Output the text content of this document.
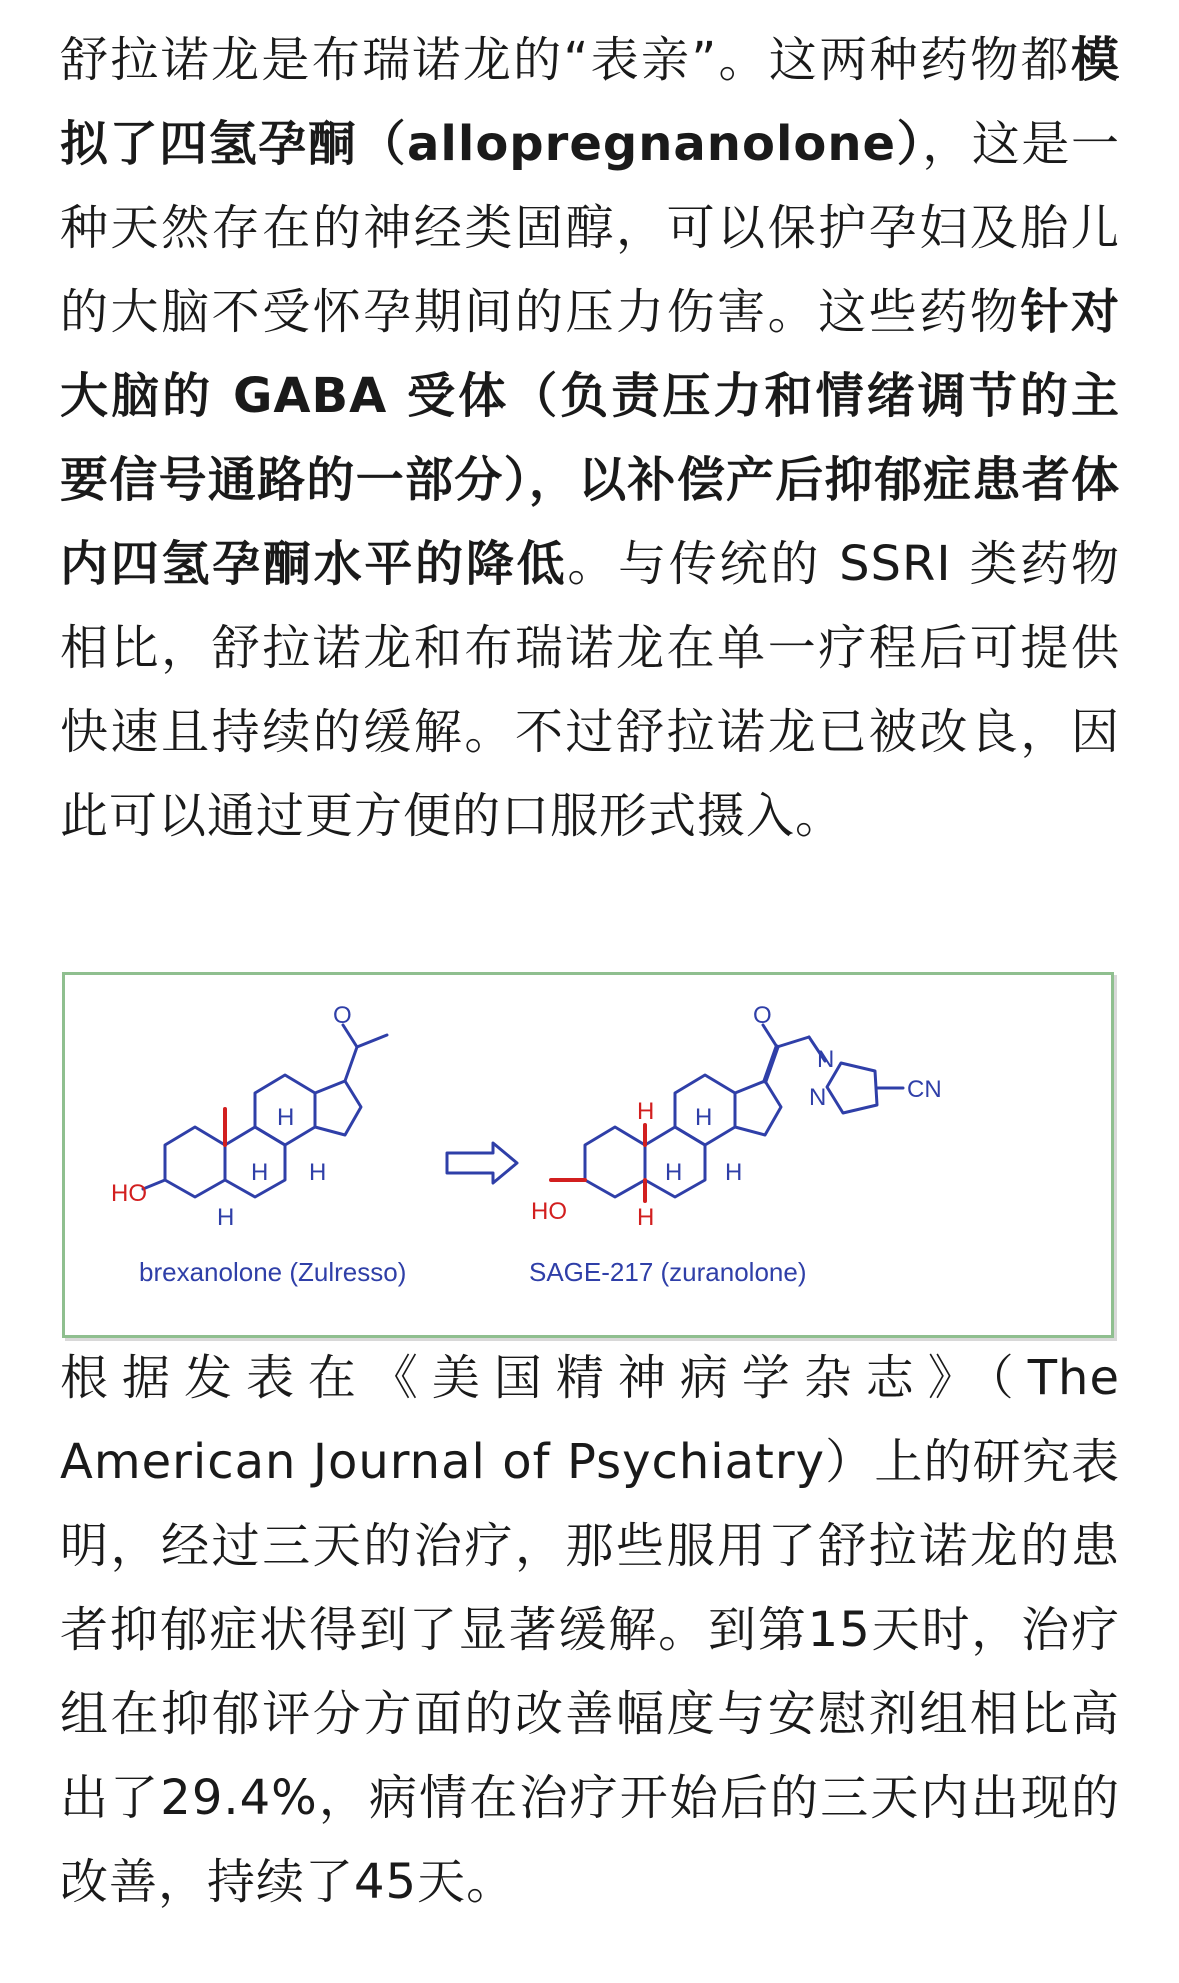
舒拉诺龙是布瑞诺龙的“表亲”。这两种药物都模拟了四氢孕酮（allopregnanolone），这是一种天然存在的神经类固醇，可以保护孕妇及胎儿的大脑不受怀孕期间的压力伤害。这些药物针对大脑的 GABA 受体（负责压力和情绪调节的主要信号通路的一部分），以补偿产后抑郁症患者体内四氢孕酮水平的降低。与传统的 SSRI 类药物相比，舒拉诺龙和布瑞诺龙在单一疗程后可提供快速且持续的缓解。不过舒拉诺龙已被改良，因此可以通过更方便的口服形式摄入。

O
H
H H
H
HO
brexanolone (Zulresso)
O
N
N	CN
H H
H H
H
HO
SAGE-217 (zuranolone)

根据发表在《美国精神病学杂志》（The American Journal of Psychiatry）上的研究表明，经过三天的治疗，那些服用了舒拉诺龙的患者抑郁症状得到了显著缓解。到第15天时，治疗组在抑郁评分方面的改善幅度与安慰剂组相比高出了29.4%，病情在治疗开始后的三天内出现的改善，持续了45天。
